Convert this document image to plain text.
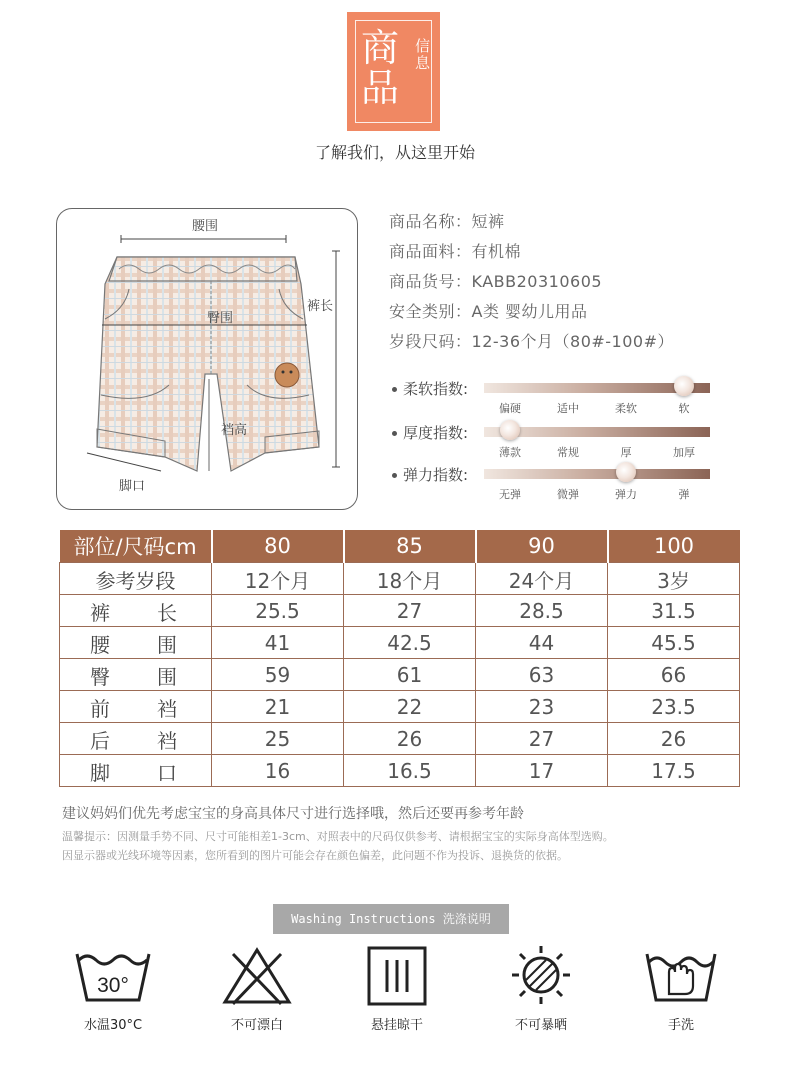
商品
信息
了解我们，从这里开始
腰围
裤长
臀围
裆高
脚口
商品名称：短裤
商品面料：有机棉
商品货号：KABB20310605
安全类别：A类 婴幼儿用品
岁段尺码：12-36个月（80#-100#）
柔软指数:
偏硬	适中	柔软	软
厚度指数:
薄款	常规	厚	加厚
弹力指数:
无弹	微弹	弹力	弹
部位/尺码cm	80	85	90	100
参考岁段	12个月	18个月	24个月	3岁
裤长	25.5	27	28.5	31.5
腰围	41	42.5	44	45.5
臀围	59	61	63	66
前裆	21	22	23	23.5
后裆	25	26	27	26
脚口	16	16.5	17	17.5
建议妈妈们优先考虑宝宝的身高具体尺寸进行选择哦，然后还要再参考年龄
温馨提示：因测量手势不同、尺寸可能相差1-3cm、对照表中的尺码仅供参考、请根据宝宝的实际身高体型选购。
因显示器或光线环境等因素，您所看到的图片可能会存在颜色偏差，此问题不作为投诉、退换货的依据。
Washing Instructions 洗涤说明
30°
水温30°C	不可漂白	悬挂晾干	不可暴晒	手洗
